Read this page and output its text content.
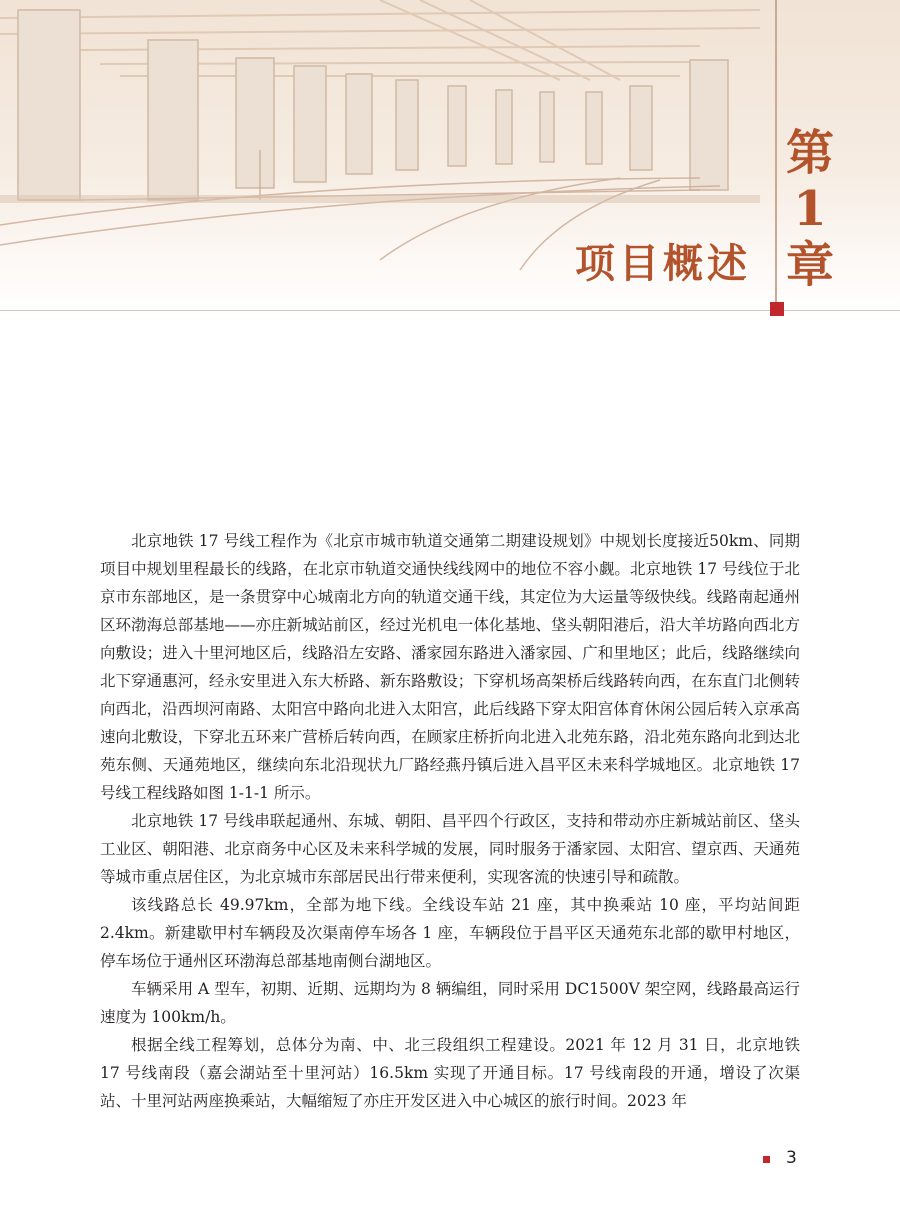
第
1
章
项目概述

北京地铁 17 号线工程作为《北京市城市轨道交通第二期建设规划》中规划长度接近50km、同期项目中规划里程最长的线路，在北京市轨道交通快线线网中的地位不容小觑。北京地铁 17 号线位于北京市东部地区，是一条贯穿中心城南北方向的轨道交通干线，其定位为大运量等级快线。线路南起通州区环渤海总部基地——亦庄新城站前区，经过光机电一体化基地、垡头朝阳港后，沿大羊坊路向西北方向敷设；进入十里河地区后，线路沿左安路、潘家园东路进入潘家园、广和里地区；此后，线路继续向北下穿通惠河，经永安里进入东大桥路、新东路敷设；下穿机场高架桥后线路转向西，在东直门北侧转向西北，沿西坝河南路、太阳宫中路向北进入太阳宫，此后线路下穿太阳宫体育休闲公园后转入京承高速向北敷设，下穿北五环来广营桥后转向西，在顾家庄桥折向北进入北苑东路，沿北苑东路向北到达北苑东侧、天通苑地区，继续向东北沿现状九厂路经燕丹镇后进入昌平区未来科学城地区。北京地铁 17 号线工程线路如图 1-1-1 所示。

北京地铁 17 号线串联起通州、东城、朝阳、昌平四个行政区，支持和带动亦庄新城站前区、垡头工业区、朝阳港、北京商务中心区及未来科学城的发展，同时服务于潘家园、太阳宫、望京西、天通苑等城市重点居住区，为北京城市东部居民出行带来便利，实现客流的快速引导和疏散。

该线路总长 49.97km，全部为地下线。全线设车站 21 座，其中换乘站 10 座，平均站间距 2.4km。新建歇甲村车辆段及次渠南停车场各 1 座，车辆段位于昌平区天通苑东北部的歇甲村地区，停车场位于通州区环渤海总部基地南侧台湖地区。

车辆采用 A 型车，初期、近期、远期均为 8 辆编组，同时采用 DC1500V 架空网，线路最高运行速度为 100km/h。

根据全线工程筹划，总体分为南、中、北三段组织工程建设。2021 年 12 月 31 日，北京地铁 17 号线南段（嘉会湖站至十里河站）16.5km 实现了开通目标。17 号线南段的开通，增设了次渠站、十里河站两座换乘站，大幅缩短了亦庄开发区进入中心城区的旅行时间。2023 年

3
